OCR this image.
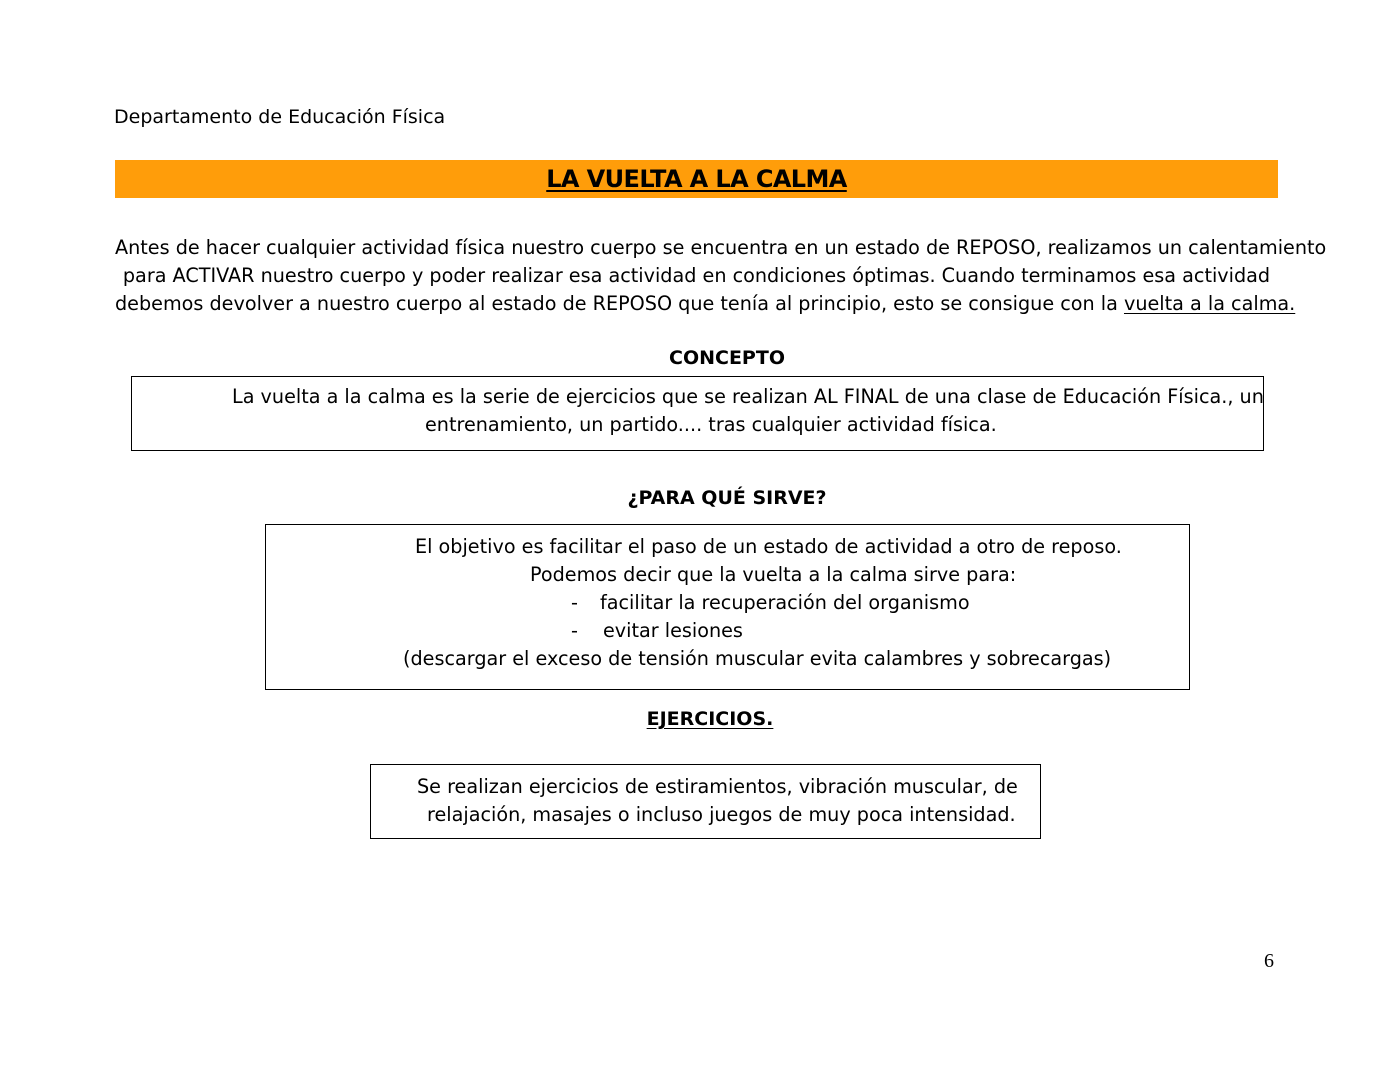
Departamento de Educación Física
LA VUELTA A LA CALMA
Antes de hacer cualquier actividad física nuestro cuerpo se encuentra en un estado de REPOSO, realizamos un calentamiento
para ACTIVAR nuestro cuerpo y poder realizar esa actividad en condiciones óptimas. Cuando terminamos esa actividad
debemos devolver a nuestro cuerpo al estado de REPOSO que tenía al principio, esto se consigue con la vuelta a la calma.
CONCEPTO
La vuelta a la calma es la serie de ejercicios que se realizan AL FINAL de una clase de Educación Física., un
entrenamiento, un partido.... tras cualquier actividad física.
¿PARA QUÉ SIRVE?
El objetivo es facilitar el paso de un estado de actividad a otro de reposo.
Podemos decir que la vuelta a la calma sirve para:
- facilitar la recuperación del organismo
- evitar lesiones
(descargar el exceso de tensión muscular evita calambres y sobrecargas)
EJERCICIOS.
Se realizan ejercicios de estiramientos, vibración muscular, de
relajación, masajes o incluso juegos de muy poca intensidad.
6
